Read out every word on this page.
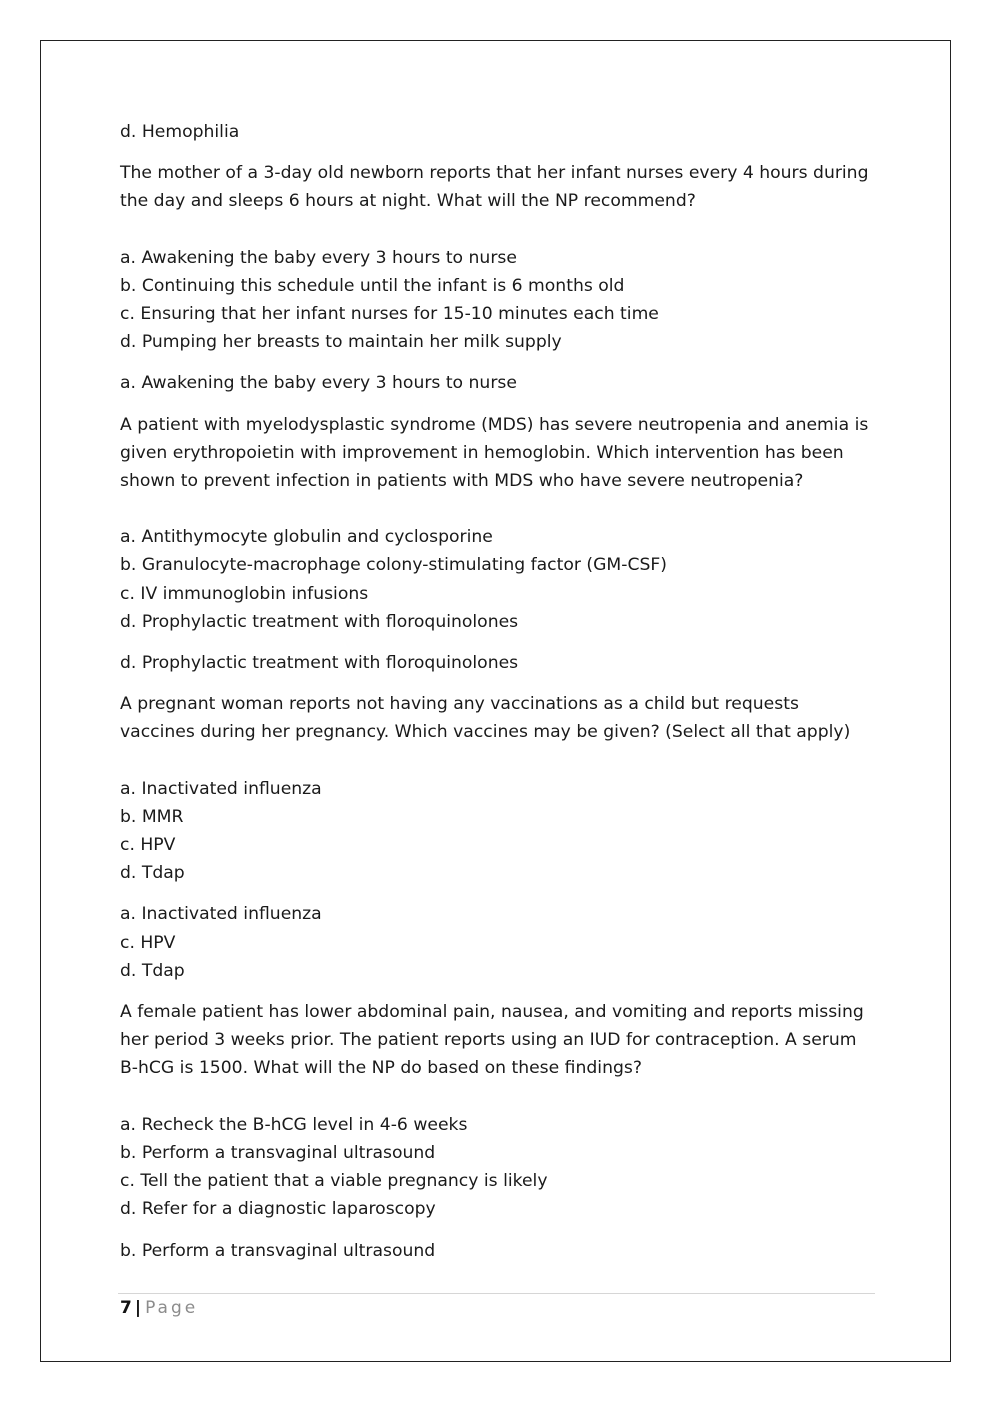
d. Hemophilia
The mother of a 3-day old newborn reports that her infant nurses every 4 hours during the day and sleeps 6 hours at night. What will the NP recommend?
a. Awakening the baby every 3 hours to nurse
b. Continuing this schedule until the infant is 6 months old
c. Ensuring that her infant nurses for 15-10 minutes each time
d. Pumping her breasts to maintain her milk supply
a. Awakening the baby every 3 hours to nurse
A patient with myelodysplastic syndrome (MDS) has severe neutropenia and anemia is given erythropoietin with improvement in hemoglobin. Which intervention has been shown to prevent infection in patients with MDS who have severe neutropenia?
a. Antithymocyte globulin and cyclosporine
b. Granulocyte-macrophage colony-stimulating factor (GM-CSF)
c. IV immunoglobin infusions
d. Prophylactic treatment with floroquinolones
d. Prophylactic treatment with floroquinolones
A pregnant woman reports not having any vaccinations as a child but requests vaccines during her pregnancy. Which vaccines may be given? (Select all that apply)
a. Inactivated influenza
b. MMR
c. HPV
d. Tdap
a. Inactivated influenza
c. HPV
d. Tdap
A female patient has lower abdominal pain, nausea, and vomiting and reports missing her period 3 weeks prior. The patient reports using an IUD for contraception. A serum B-hCG is 1500. What will the NP do based on these findings?
a. Recheck the B-hCG level in 4-6 weeks
b. Perform a transvaginal ultrasound
c. Tell the patient that a viable pregnancy is likely
d. Refer for a diagnostic laparoscopy
b. Perform a transvaginal ultrasound
7 | Page
